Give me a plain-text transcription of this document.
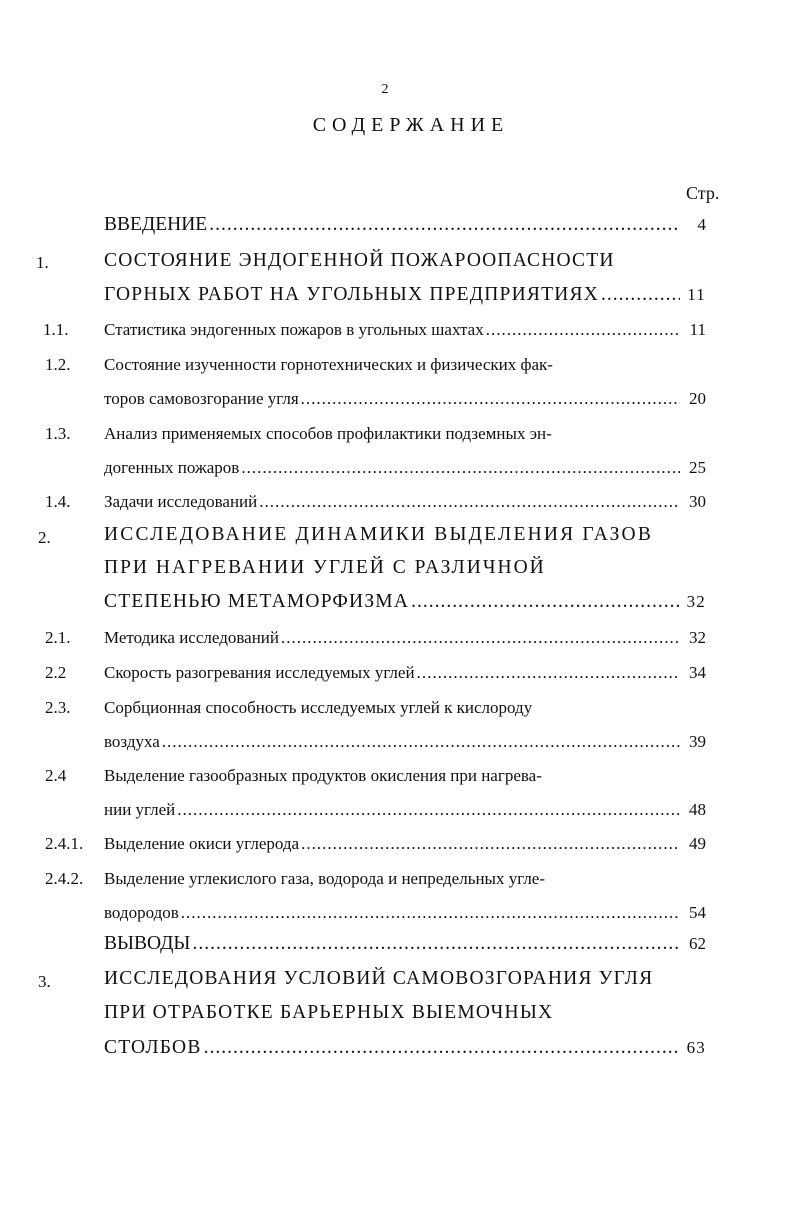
2
СОДЕРЖАНИЕ
Стр.
ВВЕДЕНИЕ .....	4
1.	СОСТОЯНИЕ ЭНДОГЕННОЙ ПОЖАРООПАСНОСТИ
ГОРНЫХ РАБОТ НА УГОЛЬНЫХ ПРЕДПРИЯТИЯХ .....	11
1.1. Статистика эндогенных пожаров в угольных шахтах .....	11
1.2. Состояние изученности горнотехнических и физических фак-
торов самовозгорание угля .....	20
1.3. Анализ применяемых способов профилактики подземных эн-
догенных пожаров .....	25
1.4. Задачи исследований .....	30
2.	ИССЛЕДОВАНИЕ ДИНАМИКИ ВЫДЕЛЕНИЯ ГАЗОВ
ПРИ НАГРЕВАНИИ УГЛЕЙ С РАЗЛИЧНОЙ
СТЕПЕНЬЮ МЕТАМОРФИЗМА .....	32
2.1. Методика исследований .....	32
2.2 Скорость разогревания исследуемых углей .....	34
2.3. Сорбционная способность исследуемых углей к кислороду
воздуха .....	39
2.4 Выделение газообразных продуктов окисления при нагрева-
нии углей .....	48
2.4.1. Выделение окиси углерода .....	49
2.4.2. Выделение углекислого газа, водорода и непредельных угле-
водородов .....	54
ВЫВОДЫ .....	62
3.	ИССЛЕДОВАНИЯ УСЛОВИЙ САМОВОЗГОРАНИЯ УГЛЯ
ПРИ ОТРАБОТКЕ БАРЬЕРНЫХ ВЫЕМОЧНЫХ
СТОЛБОВ .....	63
